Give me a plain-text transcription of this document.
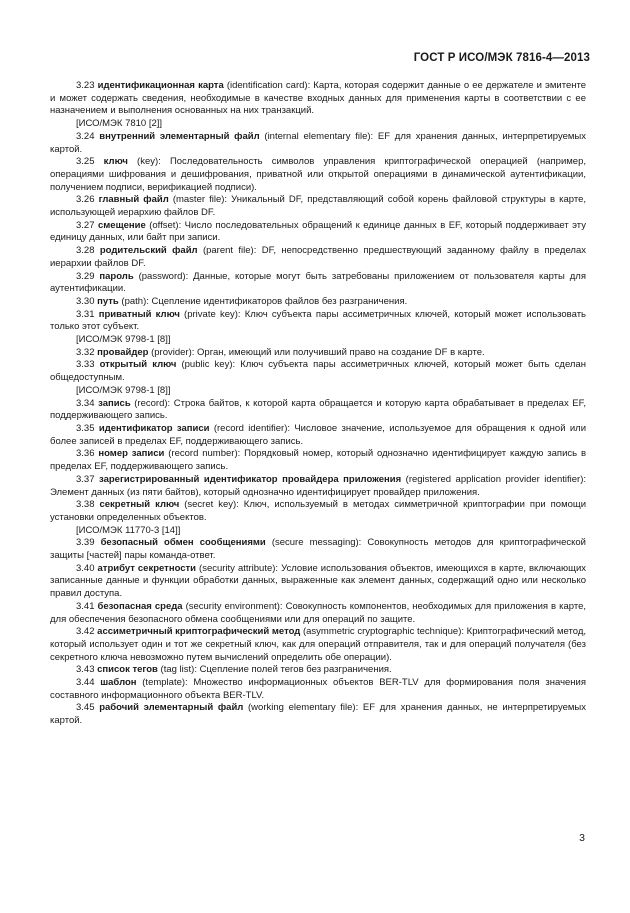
ГОСТ Р ИСО/МЭК 7816-4—2013

3.23 идентификационная карта (identification card): Карта, которая содержит данные о ее держателе и эмитенте и может содержать сведения, необходимые в качестве входных данных для применения карты в соответствии с ее назначением и выполнения основанных на них транзакций.

[ИСО/МЭК 7810 [2]]

3.24 внутренний элементарный файл (internal elementary file): EF для хранения данных, интерпретируемых картой.

3.25 ключ (key): Последовательность символов управления криптографической операцией (например, операциями шифрования и дешифрования, приватной или открытой операциями в динамической аутентификации, получением подписи, верификацией подписи).

3.26 главный файл (master file): Уникальный DF, представляющий собой корень файловой структуры в карте, использующей иерархию файлов DF.

3.27 смещение (offset): Число последовательных обращений к единице данных в EF, который поддерживает эту единицу данных, или байт при записи.

3.28 родительский файл (parent file): DF, непосредственно предшествующий заданному файлу в пределах иерархии файлов DF.

3.29 пароль (password): Данные, которые могут быть затребованы приложением от пользователя карты для аутентификации.

3.30 путь (path): Сцепление идентификаторов файлов без разграничения.

3.31 приватный ключ (private key): Ключ субъекта пары ассиметричных ключей, который может использовать только этот субъект.

[ИСО/МЭК 9798-1 [8]]

3.32 провайдер (provider): Орган, имеющий или получивший право на создание DF в карте.

3.33 открытый ключ (public key): Ключ субъекта пары ассиметричных ключей, который может быть сделан общедоступным.

[ИСО/МЭК 9798-1 [8]]

3.34 запись (record): Строка байтов, к которой карта обращается и которую карта обрабатывает в пределах EF, поддерживающего запись.

3.35 идентификатор записи (record identifier): Числовое значение, используемое для обращения к одной или более записей в пределах EF, поддерживающего запись.

3.36 номер записи (record number): Порядковый номер, который однозначно идентифицирует каждую запись в пределах EF, поддерживающего запись.

3.37 зарегистрированный идентификатор провайдера приложения (registered application provider identifier): Элемент данных (из пяти байтов), который однозначно идентифицирует провайдер приложения.

3.38 секретный ключ (secret key): Ключ, используемый в методах симметричной криптографии при помощи установки определенных объектов.

[ИСО/МЭК 11770-3 [14]]

3.39 безопасный обмен сообщениями (secure messaging): Совокупность методов для криптографической защиты [частей] пары команда-ответ.

3.40 атрибут секретности (security attribute): Условие использования объектов, имеющихся в карте, включающих записанные данные и функции обработки данных, выраженные как элемент данных, содержащий одно или несколько правил доступа.

3.41 безопасная среда (security environment): Совокупность компонентов, необходимых для приложения в карте, для обеспечения безопасного обмена сообщениями или для операций по защите.

3.42 ассиметричный криптографический метод (asymmetric cryptographic technique): Криптографический метод, который использует один и тот же секретный ключ, как для операций отправителя, так и для операций получателя (без секретного ключа невозможно путем вычислений определить обе операции).

3.43 список тегов (tag list): Сцепление полей тегов без разграничения.

3.44 шаблон (template): Множество информационных объектов BER-TLV для формирования поля значения составного информационного объекта BER-TLV.

3.45 рабочий элементарный файл (working elementary file): EF для хранения данных, не интерпретируемых картой.

3
